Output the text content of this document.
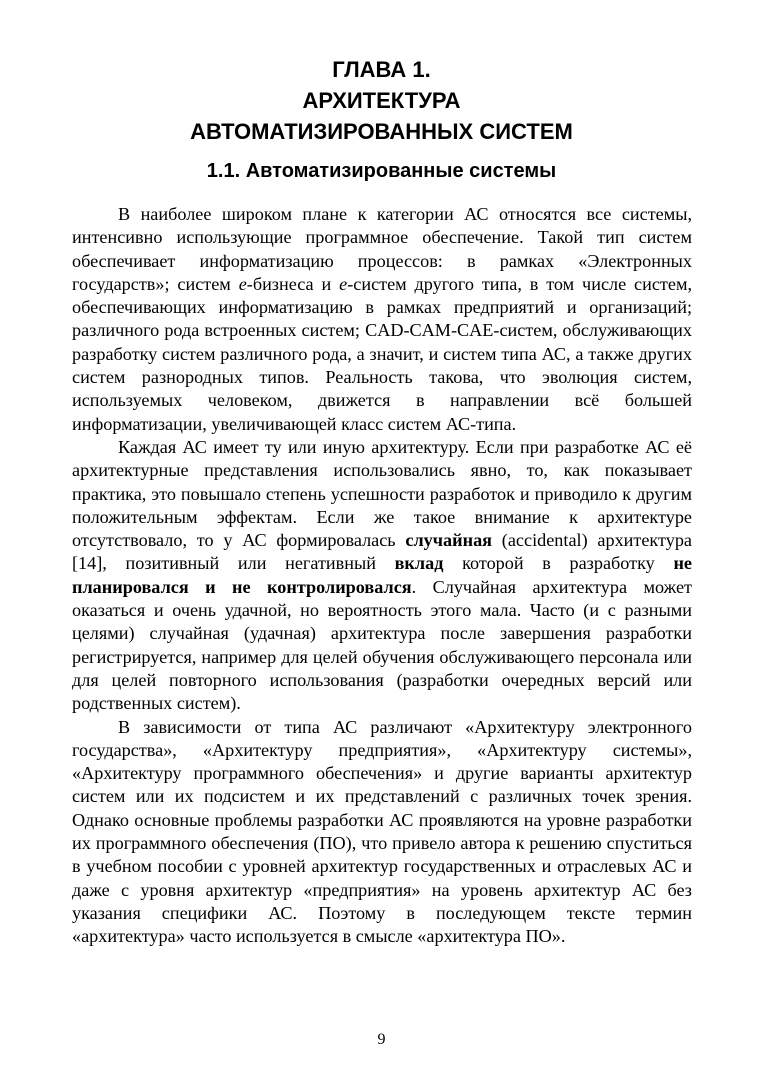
ГЛАВА 1.
АРХИТЕКТУРА
АВТОМАТИЗИРОВАННЫХ СИСТЕМ
1.1. Автоматизированные системы

В наиболее широком плане к категории АС относятся все системы, интенсивно использующие программное обеспечение. Такой тип систем обеспечивает информатизацию процессов: в рамках «Электронных государств»; систем е-бизнеса и е-систем другого типа, в том числе систем, обеспечивающих информатизацию в рамках предприятий и организаций; различного рода встроенных систем; CAD-CAM-CAE-систем, обслуживающих разработку систем различного рода, а значит, и систем типа АС, а также других систем разнородных типов. Реальность такова, что эволюция систем, используемых человеком, движется в направлении всё большей информатизации, увеличивающей класс систем АС-типа.

Каждая АС имеет ту или иную архитектуру. Если при разработке АС её архитектурные представления использовались явно, то, как показывает практика, это повышало степень успешности разработок и приводило к другим положительным эффектам. Если же такое внимание к архитектуре отсутствовало, то у АС формировалась случайная (accidental) архитектура [14], позитивный или негативный вклад которой в разработку не планировался и не контролировался. Случайная архитектура может оказаться и очень удачной, но вероятность этого мала. Часто (и с разными целями) случайная (удачная) архитектура после завершения разработки регистрируется, например для целей обучения обслуживающего персонала или для целей повторного использования (разработки очередных версий или родственных систем).

В зависимости от типа АС различают «Архитектуру электронного государства», «Архитектуру предприятия», «Архитектуру системы», «Архитектуру программного обеспечения» и другие варианты архитектур систем или их подсистем и их представлений с различных точек зрения. Однако основные проблемы разработки АС проявляются на уровне разработки их программного обеспечения (ПО), что привело автора к решению спуститься в учебном пособии с уровней архитектур государственных и отраслевых АС и даже с уровня архитектур «предприятия» на уровень архитектур АС без указания специфики АС. Поэтому в последующем тексте термин «архитектура» часто используется в смысле «архитектура ПО».

9
